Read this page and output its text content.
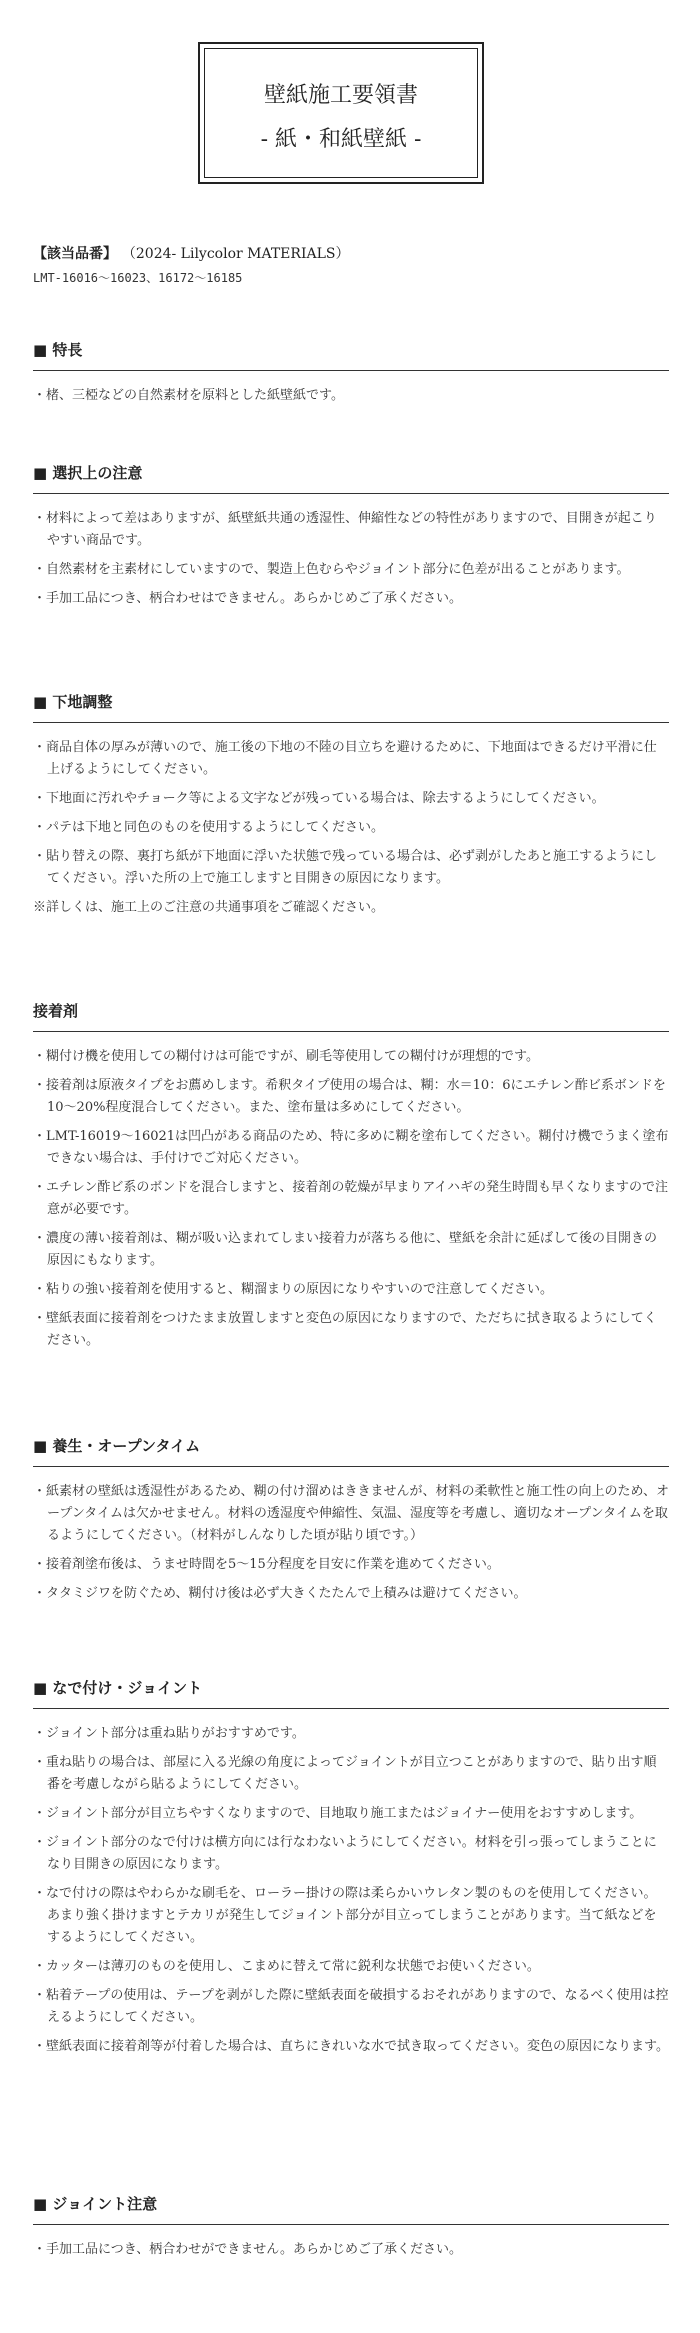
壁紙施工要領書
- 紙・和紙壁紙 -
【該当品番】 （2024- Lilycolor MATERIALS）
LMT-16016〜16023、16172〜16185
■ 特長
・楮、三椏などの自然素材を原料とした紙壁紙です。
■ 選択上の注意
・材料によって差はありますが、紙壁紙共通の透湿性、伸縮性などの特性がありますので、目開きが起こりやすい商品です。
・自然素材を主素材にしていますので、製造上色むらやジョイント部分に色差が出ることがあります。
・手加工品につき、柄合わせはできません。あらかじめご了承ください。
■ 下地調整
・商品自体の厚みが薄いので、施工後の下地の不陸の目立ちを避けるために、下地面はできるだけ平滑に仕上げるようにしてください。
・下地面に汚れやチョーク等による文字などが残っている場合は、除去するようにしてください。
・パテは下地と同色のものを使用するようにしてください。
・貼り替えの際、裏打ち紙が下地面に浮いた状態で残っている場合は、必ず剥がしたあと施工するようにしてください。浮いた所の上で施工しますと目開きの原因になります。
※詳しくは、施工上のご注意の共通事項をご確認ください。
接着剤
・糊付け機を使用しての糊付けは可能ですが、刷毛等使用しての糊付けが理想的です。
・接着剤は原液タイプをお薦めします。希釈タイプ使用の場合は、糊：水＝10：6にエチレン酢ビ系ボンドを10〜20%程度混合してください。また、塗布量は多めにしてください。
・LMT-16019〜16021は凹凸がある商品のため、特に多めに糊を塗布してください。糊付け機でうまく塗布できない場合は、手付けでご対応ください。
・エチレン酢ビ系のボンドを混合しますと、接着剤の乾燥が早まりアイハギの発生時間も早くなりますので注意が必要です。
・濃度の薄い接着剤は、糊が吸い込まれてしまい接着力が落ちる他に、壁紙を余計に延ばして後の目開きの原因にもなります。
・粘りの強い接着剤を使用すると、糊溜まりの原因になりやすいので注意してください。
・壁紙表面に接着剤をつけたまま放置しますと変色の原因になりますので、ただちに拭き取るようにしてください。
■ 養生・オープンタイム
・紙素材の壁紙は透湿性があるため、糊の付け溜めはききませんが、材料の柔軟性と施工性の向上のため、オープンタイムは欠かせません。材料の透湿度や伸縮性、気温、湿度等を考慮し、適切なオープンタイムを取るようにしてください。（材料がしんなりした頃が貼り頃です。）
・接着剤塗布後は、うませ時間を5〜15分程度を目安に作業を進めてください。
・タタミジワを防ぐため、糊付け後は必ず大きくたたんで上積みは避けてください。
■ なで付け・ジョイント
・ジョイント部分は重ね貼りがおすすめです。
・重ね貼りの場合は、部屋に入る光線の角度によってジョイントが目立つことがありますので、貼り出す順番を考慮しながら貼るようにしてください。
・ジョイント部分が目立ちやすくなりますので、目地取り施工またはジョイナー使用をおすすめします。
・ジョイント部分のなで付けは横方向には行なわないようにしてください。材料を引っ張ってしまうことになり目開きの原因になります。
・なで付けの際はやわらかな刷毛を、ローラー掛けの際は柔らかいウレタン製のものを使用してください。あまり強く掛けますとテカリが発生してジョイント部分が目立ってしまうことがあります。当て紙などをするようにしてください。
・カッターは薄刃のものを使用し、こまめに替えて常に鋭利な状態でお使いください。
・粘着テープの使用は、テープを剥がした際に壁紙表面を破損するおそれがありますので、なるべく使用は控えるようにしてください。
・壁紙表面に接着剤等が付着した場合は、直ちにきれいな水で拭き取ってください。変色の原因になります。
■ ジョイント注意
・手加工品につき、柄合わせができません。あらかじめご了承ください。
